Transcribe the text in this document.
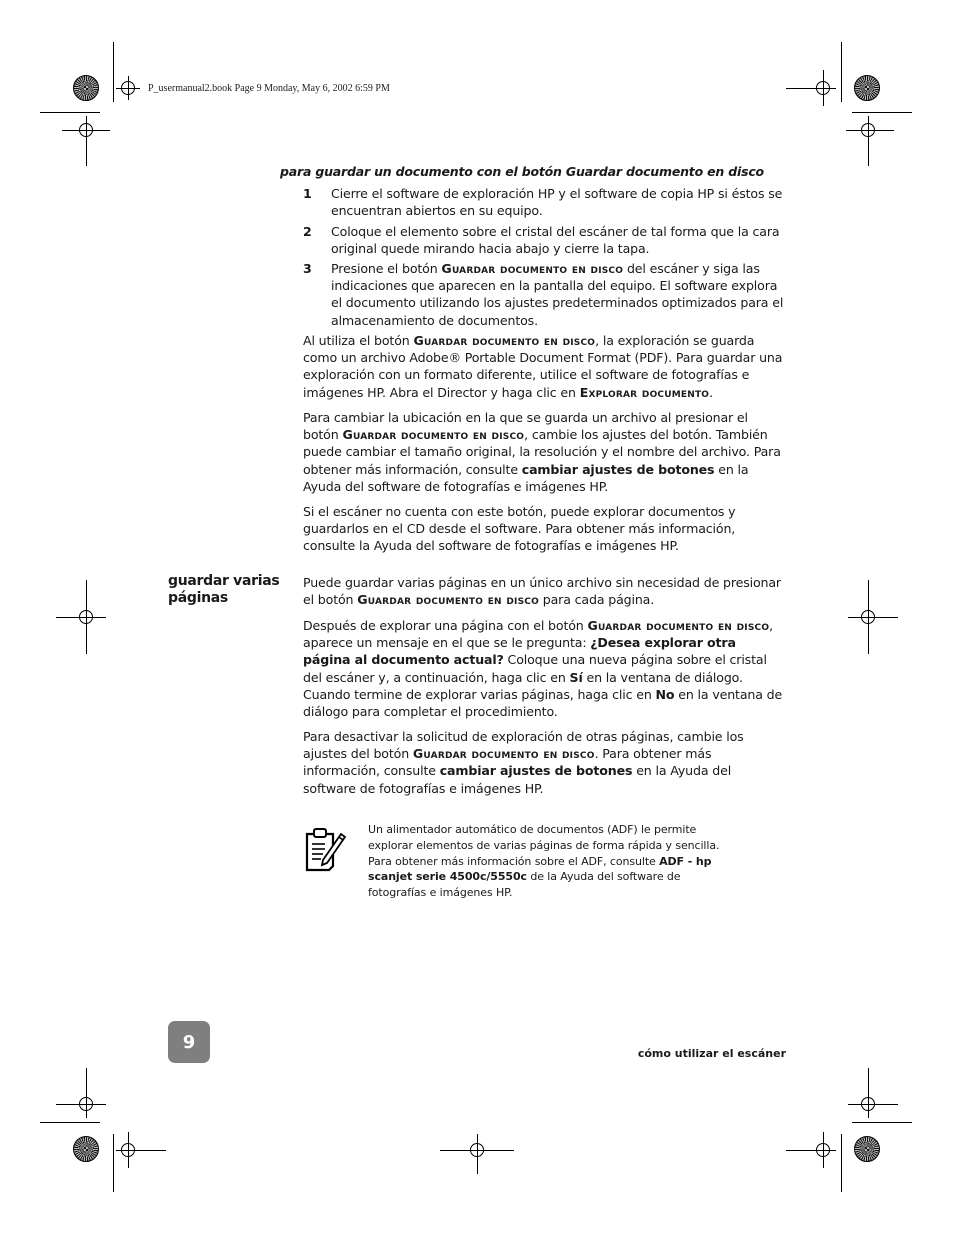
P_usermanual2.book Page 9 Monday, May 6, 2002 6:59 PM
para guardar un documento con el botón Guardar documento en disco
1 Cierre el software de exploración HP y el software de copia HP si éstos se encuentran abiertos en su equipo.
2 Coloque el elemento sobre el cristal del escáner de tal forma que la cara original quede mirando hacia abajo y cierre la tapa.
3 Presione el botón Guardar documento en disco del escáner y siga las indicaciones que aparecen en la pantalla del equipo. El software explora el documento utilizando los ajustes predeterminados optimizados para el almacenamiento de documentos.
Al utiliza el botón Guardar documento en disco, la exploración se guarda como un archivo Adobe® Portable Document Format (PDF). Para guardar una exploración con un formato diferente, utilice el software de fotografías e imágenes HP. Abra el Director y haga clic en Explorar documento.
Para cambiar la ubicación en la que se guarda un archivo al presionar el botón Guardar documento en disco, cambie los ajustes del botón. También puede cambiar el tamaño original, la resolución y el nombre del archivo. Para obtener más información, consulte cambiar ajustes de botones en la Ayuda del software de fotografías e imágenes HP.
Si el escáner no cuenta con este botón, puede explorar documentos y guardarlos en el CD desde el software. Para obtener más información, consulte la Ayuda del software de fotografías e imágenes HP.
guardar varias páginas
Puede guardar varias páginas en un único archivo sin necesidad de presionar el botón Guardar documento en disco para cada página.
Después de explorar una página con el botón Guardar documento en disco, aparece un mensaje en el que se le pregunta: ¿Desea explorar otra página al documento actual? Coloque una nueva página sobre el cristal del escáner y, a continuación, haga clic en Sí en la ventana de diálogo. Cuando termine de explorar varias páginas, haga clic en No en la ventana de diálogo para completar el procedimiento.
Para desactivar la solicitud de exploración de otras páginas, cambie los ajustes del botón Guardar documento en disco. Para obtener más información, consulte cambiar ajustes de botones en la Ayuda del software de fotografías e imágenes HP.
Un alimentador automático de documentos (ADF) le permite explorar elementos de varias páginas de forma rápida y sencilla. Para obtener más información sobre el ADF, consulte ADF - hp scanjet serie 4500c/5550c de la Ayuda del software de fotografías e imágenes HP.
9
cómo utilizar el escáner
